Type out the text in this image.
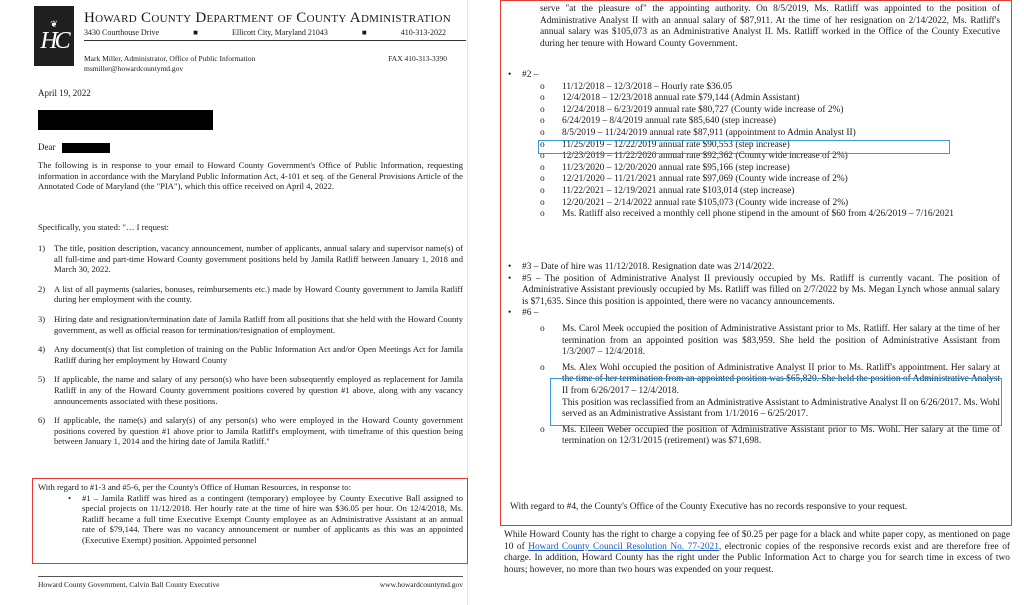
❦
HC
Howard County Department of County Administration
3430 Courthouse Drive	■	Ellicott City, Maryland 21043	■	410-313-2022
Mark Miller, Administrator, Office of Public Information
msmiller@howardcountymd.gov
FAX 410-313-3390
April 19, 2022
Dear
The following is in response to your email to Howard County Government's Office of Public Information, requesting information in accordance with the Maryland Public Information Act, 4-101 et seq. of the General Provisions Article of the Annotated Code of Maryland (the "PIA"), which this office received on April 4, 2022.
Specifically, you stated: "… I request:
1)	The title, position description, vacancy announcement, number of applicants, annual salary and supervisor name(s) of all full-time and part-time Howard County government positions held by Jamila Ratliff between January 1, 2018 and March 30, 2022.
2)	A list of all payments (salaries, bonuses, reimbursements etc.) made by Howard County government to Jamila Ratliff during her employment with the county.
3)	Hiring date and resignation/termination date of Jamila Ratliff from all positions that she held with the Howard County government, as well as official reason for termination/resignation of employment.
4)	Any document(s) that list completion of training on the Public Information Act and/or Open Meetings Act for Jamila Ratliff during her employment by Howard County
5)	If applicable, the name and salary of any person(s) who have been subsequently employed as replacement for Jamila Ratliff in any of the Howard County government positions covered by question #1 above, along with any vacancy announcements associated with these positions.
6)	If applicable, the name(s) and salary(s) of any person(s) who were employed in the Howard County government positions covered by question #1 above prior to Jamila Ratliff's employment, with timeframe of this question being between January 1, 2014 and the hiring date of Jamila Ratliff."
With regard to #1-3 and #5-6, per the County's Office of Human Resources, in response to:
•	#1 – Jamila Ratliff was hired as a contingent (temporary) employee by County Executive Ball assigned to special projects on 11/12/2018. Her hourly rate at the time of hire was $36.05 per hour. On 12/4/2018, Ms. Ratliff became a full time Executive Exempt County employee as an Administrative Assistant at an annual rate of $79,144. There was no vacancy announcement or number of applicants as this was an appointed (Executive Exempt) position. Appointed personnel
Howard County Government, Calvin Ball County Executive	www.howardcountymd.gov
serve "at the pleasure of" the appointing authority. On 8/5/2019, Ms. Ratliff was appointed to the position of Administrative Analyst II with an annual salary of $87,911. At the time of her resignation on 2/14/2022, Ms. Ratliff's annual salary was $105,073 as an Administrative Analyst II. Ms. Ratliff worked in the Office of the County Executive during her tenure with Howard County Government.
•	#2 –
o	11/12/2018 – 12/3/2018 – Hourly rate $36.05
o	12/4/2018 – 12/23/2018 annual rate $79,144 (Admin Assistant)
o	12/24/2018 – 6/23/2019 annual rate $80,727 (County wide increase of 2%)
o	6/24/2019 – 8/4/2019 annual rate $85,640 (step increase)
o	8/5/2019 – 11/24/2019 annual rate $87,911 (appointment to Admin Analyst II)
o	11/25/2019 – 12/22/2019 annual rate $90,553 (step increase)
o	12/23/2019 – 11/22/2020 annual rate $92,362 (County wide increase of 2%)
o	11/23/2020 – 12/20/2020 annual rate $95,166 (step increase)
o	12/21/2020 – 11/21/2021 annual rate $97,069 (County wide increase of 2%)
o	11/22/2021 – 12/19/2021 annual rate $103,014 (step increase)
o	12/20/2021 – 2/14/2022 annual rate $105,073 (County wide increase of 2%)
o	Ms. Ratliff also received a monthly cell phone stipend in the amount of $60 from 4/26/2019 – 7/16/2021
•	#3 – Date of hire was 11/12/2018. Resignation date was 2/14/2022.
•	#5 – The position of Administrative Analyst II previously occupied by Ms. Ratliff is currently vacant. The position of Administrative Assistant previously occupied by Ms. Ratliff was filled on 2/7/2022 by Ms. Megan Lynch whose annual salary is $71,635. Since this position is appointed, there were no vacancy announcements.
•	#6 –
o	Ms. Carol Meek occupied the position of Administrative Assistant prior to Ms. Ratliff. Her salary at the time of her termination from an appointed position was $83,959. She held the position of Administrative Assistant from 1/3/2007 – 12/4/2018.
o	Ms. Alex Wohl occupied the position of Administrative Analyst II prior to Ms. Ratliff's appointment. Her salary at the time of her termination from an appointed position was $65,820. She held the position of Administrative Analyst II from 6/26/2017 – 12/4/2018.
This position was reclassified from an Administrative Assistant to Administrative Analyst II on 6/26/2017. Ms. Wohl served as an Administrative Assistant from 1/1/2016 – 6/25/2017.
o	Ms. Eileen Weber occupied the position of Administrative Assistant prior to Ms. Wohl. Her salary at the time of termination on 12/31/2015 (retirement) was $71,698.
With regard to #4, the County's Office of the County Executive has no records responsive to your request.
While Howard County has the right to charge a copying fee of $0.25 per page for a black and white paper copy, as mentioned on page 10 of Howard County Council Resolution No. 77-2021, electronic copies of the responsive records exist and are therefore free of charge. In addition, Howard County has the right under the Public Information Act to charge you for search time in excess of two hours; however, no more than two hours was expended on your request.
